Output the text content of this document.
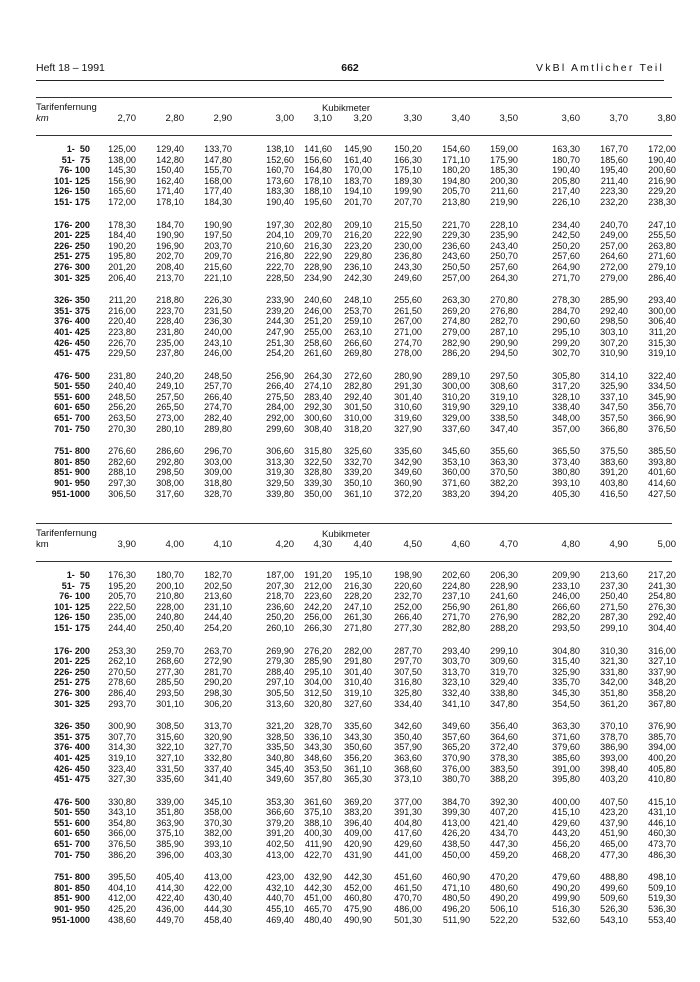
Heft 18 – 1991	662	VkBl Amtlicher Teil
Tarifenfernung
km
Kubikmeter
2,70	2,80	2,90	3,00	3,10	3,20	3,30	3,40	3,50	3,60	3,70	3,80
1-  50	125,00	129,40	133,70	138,10	141,60	145,90	150,20	154,60	159,00	163,30	167,70	172,00
51-  75	138,00	142,80	147,80	152,60	156,60	161,40	166,30	171,10	175,90	180,70	185,60	190,40
76- 100	145,30	150,40	155,70	160,70	164,80	170,00	175,10	180,20	185,30	190,40	195,40	200,60
101- 125	156,90	162,40	168,00	173,60	178,10	183,70	189,30	194,80	200,30	205,80	211,40	216,90
126- 150	165,60	171,40	177,40	183,30	188,10	194,10	199,90	205,70	211,60	217,40	223,30	229,20
151- 175	172,00	178,10	184,30	190,40	195,60	201,70	207,70	213,80	219,90	226,10	232,20	238,30
176- 200	178,30	184,70	190,90	197,30	202,80	209,10	215,50	221,70	228,10	234,40	240,70	247,10
201- 225	184,40	190,90	197,50	204,10	209,70	216,20	222,90	229,30	235,90	242,50	249,00	255,50
226- 250	190,20	196,90	203,70	210,60	216,30	223,20	230,00	236,60	243,40	250,20	257,00	263,80
251- 275	195,80	202,70	209,70	216,80	222,90	229,80	236,80	243,60	250,70	257,60	264,60	271,60
276- 300	201,20	208,40	215,60	222,70	228,90	236,10	243,30	250,50	257,60	264,90	272,00	279,10
301- 325	206,40	213,70	221,10	228,50	234,90	242,30	249,60	257,00	264,30	271,70	279,00	286,40
326- 350	211,20	218,80	226,30	233,90	240,60	248,10	255,60	263,30	270,80	278,30	285,90	293,40
351- 375	216,00	223,70	231,50	239,20	246,00	253,70	261,50	269,20	276,80	284,70	292,40	300,00
376- 400	220,40	228,40	236,30	244,30	251,20	259,10	267,00	274,80	282,70	290,60	298,50	306,40
401- 425	223,80	231,80	240,00	247,90	255,00	263,10	271,00	279,00	287,10	295,10	303,10	311,20
426- 450	226,70	235,00	243,10	251,30	258,60	266,60	274,70	282,90	290,90	299,20	307,20	315,30
451- 475	229,50	237,80	246,00	254,20	261,60	269,80	278,00	286,20	294,50	302,70	310,90	319,10
476- 500	231,80	240,20	248,50	256,90	264,30	272,60	280,90	289,10	297,50	305,80	314,10	322,40
501- 550	240,40	249,10	257,70	266,40	274,10	282,80	291,30	300,00	308,60	317,20	325,90	334,50
551- 600	248,50	257,50	266,40	275,50	283,40	292,40	301,40	310,20	319,10	328,10	337,10	345,90
601- 650	256,20	265,50	274,70	284,00	292,30	301,50	310,60	319,90	329,10	338,40	347,50	356,70
651- 700	263,50	273,00	282,40	292,00	300,60	310,00	319,60	329,00	338,50	348,00	357,50	366,90
701- 750	270,30	280,10	289,80	299,60	308,40	318,20	327,90	337,60	347,40	357,00	366,80	376,50
751- 800	276,60	286,60	296,70	306,60	315,80	325,60	335,60	345,60	355,60	365,50	375,50	385,50
801- 850	282,60	292,80	303,00	313,30	322,50	332,70	342,90	353,10	363,30	373,40	383,60	393,80
851- 900	288,10	298,50	309,00	319,30	328,80	339,20	349,60	360,00	370,50	380,80	391,20	401,60
901- 950	297,30	308,00	318,80	329,50	339,30	350,10	360,90	371,60	382,20	393,10	403,80	414,60
951-1000	306,50	317,60	328,70	339,80	350,00	361,10	372,20	383,20	394,20	405,30	416,50	427,50
Tarifenfernung
km
Kubikmeter
3,90	4,00	4,10	4,20	4,30	4,40	4,50	4,60	4,70	4,80	4,90	5,00
1-  50	176,30	180,70	182,70	187,00	191,20	195,10	198,90	202,60	206,30	209,90	213,60	217,20
51-  75	195,20	200,10	202,50	207,30	212,00	216,30	220,60	224,80	228,90	233,10	237,30	241,30
76- 100	205,70	210,80	213,60	218,70	223,60	228,20	232,70	237,10	241,60	246,00	250,40	254,80
101- 125	222,50	228,00	231,10	236,60	242,20	247,10	252,00	256,90	261,80	266,60	271,50	276,30
126- 150	235,00	240,80	244,40	250,20	256,00	261,30	266,40	271,70	276,90	282,20	287,30	292,40
151- 175	244,40	250,40	254,20	260,10	266,30	271,80	277,30	282,80	288,20	293,50	299,10	304,40
176- 200	253,30	259,70	263,70	269,90	276,20	282,00	287,70	293,40	299,10	304,80	310,30	316,00
201- 225	262,10	268,60	272,90	279,30	285,90	291,80	297,70	303,70	309,60	315,40	321,30	327,10
226- 250	270,50	277,30	281,70	288,40	295,10	301,40	307,50	313,70	319,70	325,90	331,80	337,90
251- 275	278,60	285,50	290,20	297,10	304,00	310,40	316,80	323,10	329,40	335,70	342,00	348,20
276- 300	286,40	293,50	298,30	305,50	312,50	319,10	325,80	332,40	338,80	345,30	351,80	358,20
301- 325	293,70	301,10	306,20	313,60	320,80	327,60	334,40	341,10	347,80	354,50	361,20	367,80
326- 350	300,90	308,50	313,70	321,20	328,70	335,60	342,60	349,60	356,40	363,30	370,10	376,90
351- 375	307,70	315,60	320,90	328,50	336,10	343,30	350,40	357,60	364,60	371,60	378,70	385,70
376- 400	314,30	322,10	327,70	335,50	343,30	350,60	357,90	365,20	372,40	379,60	386,90	394,00
401- 425	319,10	327,10	332,80	340,80	348,60	356,20	363,60	370,90	378,30	385,60	393,00	400,20
426- 450	323,40	331,50	337,40	345,40	353,50	361,10	368,60	376,00	383,50	391,00	398,40	405,80
451- 475	327,30	335,60	341,40	349,60	357,80	365,30	373,10	380,70	388,20	395,80	403,20	410,80
476- 500	330,80	339,00	345,10	353,30	361,60	369,20	377,00	384,70	392,30	400,00	407,50	415,10
501- 550	343,10	351,80	358,00	366,60	375,10	383,20	391,30	399,30	407,20	415,10	423,20	431,10
551- 600	354,80	363,90	370,30	379,20	388,10	396,40	404,80	413,00	421,40	429,60	437,90	446,10
601- 650	366,00	375,10	382,00	391,20	400,30	409,00	417,60	426,20	434,70	443,20	451,90	460,30
651- 700	376,50	385,90	393,10	402,50	411,90	420,90	429,60	438,50	447,30	456,20	465,00	473,70
701- 750	386,20	396,00	403,30	413,00	422,70	431,90	441,00	450,00	459,20	468,20	477,30	486,30
751- 800	395,50	405,40	413,00	423,00	432,90	442,30	451,60	460,90	470,20	479,60	488,80	498,10
801- 850	404,10	414,30	422,00	432,10	442,30	452,00	461,50	471,10	480,60	490,20	499,60	509,10
851- 900	412,00	422,40	430,40	440,70	451,00	460,80	470,70	480,50	490,20	499,90	509,60	519,30
901- 950	425,20	436,00	444,30	455,10	465,70	475,90	486,00	496,20	506,10	516,30	526,30	536,30
951-1000	438,60	449,70	458,40	469,40	480,40	490,90	501,30	511,90	522,20	532,60	543,10	553,40
